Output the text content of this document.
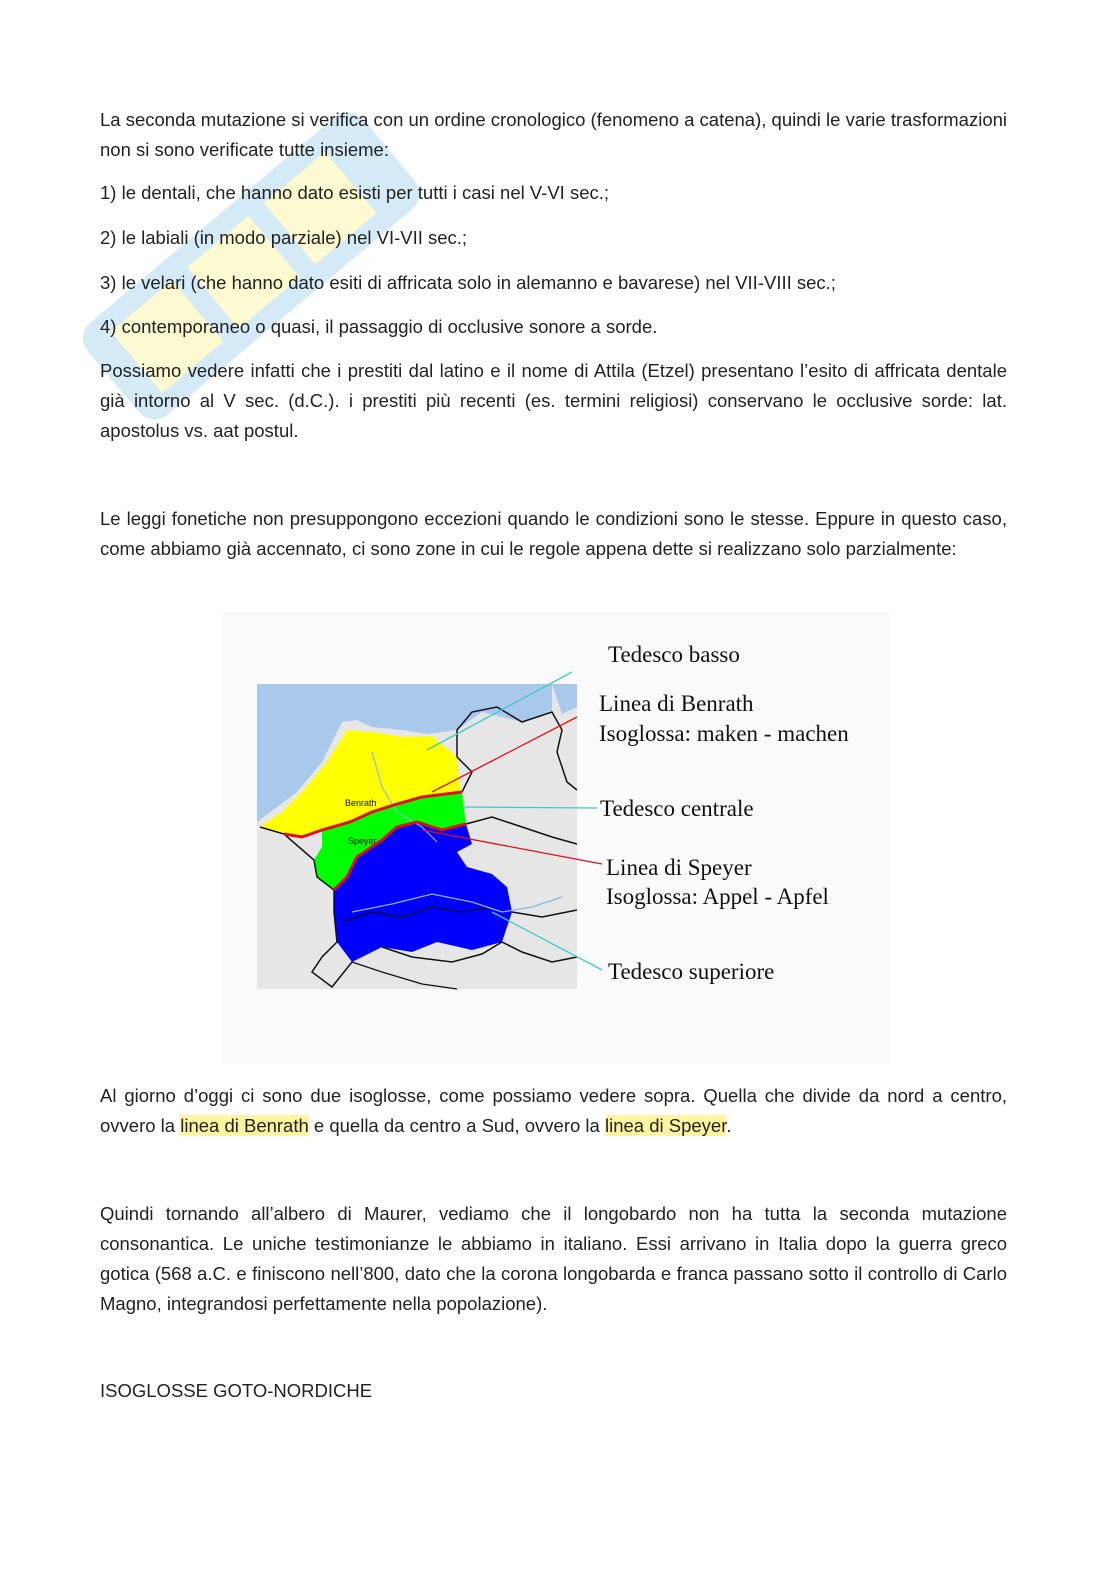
La seconda mutazione si verifica con un ordine cronologico (fenomeno a catena), quindi le varie trasformazioni non si sono verificate tutte insieme:

1) le dentali, che hanno dato esisti per tutti i casi nel V-VI sec.;

2) le labiali (in modo parziale) nel VI-VII sec.;

3) le velari (che hanno dato esiti di affricata solo in alemanno e bavarese) nel VII-VIII sec.;

4) contemporaneo o quasi, il passaggio di occlusive sonore a sorde.

Possiamo vedere infatti che i prestiti dal latino e il nome di Attila (Etzel) presentano l’esito di affricata dentale già intorno al V sec. (d.C.). i prestiti più recenti (es. termini religiosi) conservano le occlusive sorde: lat. apostolus vs. aat postul.

Le leggi fonetiche non presuppongono eccezioni quando le condizioni sono le stesse. Eppure in questo caso, come abbiamo già accennato, ci sono zone in cui le regole appena dette si realizzano solo parzialmente:

Al giorno d’oggi ci sono due isoglosse, come possiamo vedere sopra. Quella che divide da nord a centro, ovvero la linea di Benrath e quella da centro a Sud, ovvero la linea di Speyer.

Quindi tornando all’albero di Maurer, vediamo che il longobardo non ha tutta la seconda mutazione consonantica. Le uniche testimonianze le abbiamo in italiano. Essi arrivano in Italia dopo la guerra greco gotica (568 a.C. e finiscono nell’800, dato che la corona longobarda e franca passano sotto il controllo di Carlo Magno, integrandosi perfettamente nella popolazione).

ISOGLOSSE GOTO-NORDICHE

Benrath
Speyer
Tedesco basso
Linea di Benrath
Isoglossa: maken - machen
Tedesco centrale
Linea di Speyer
Isoglossa: Appel - Apfel
Tedesco superiore
